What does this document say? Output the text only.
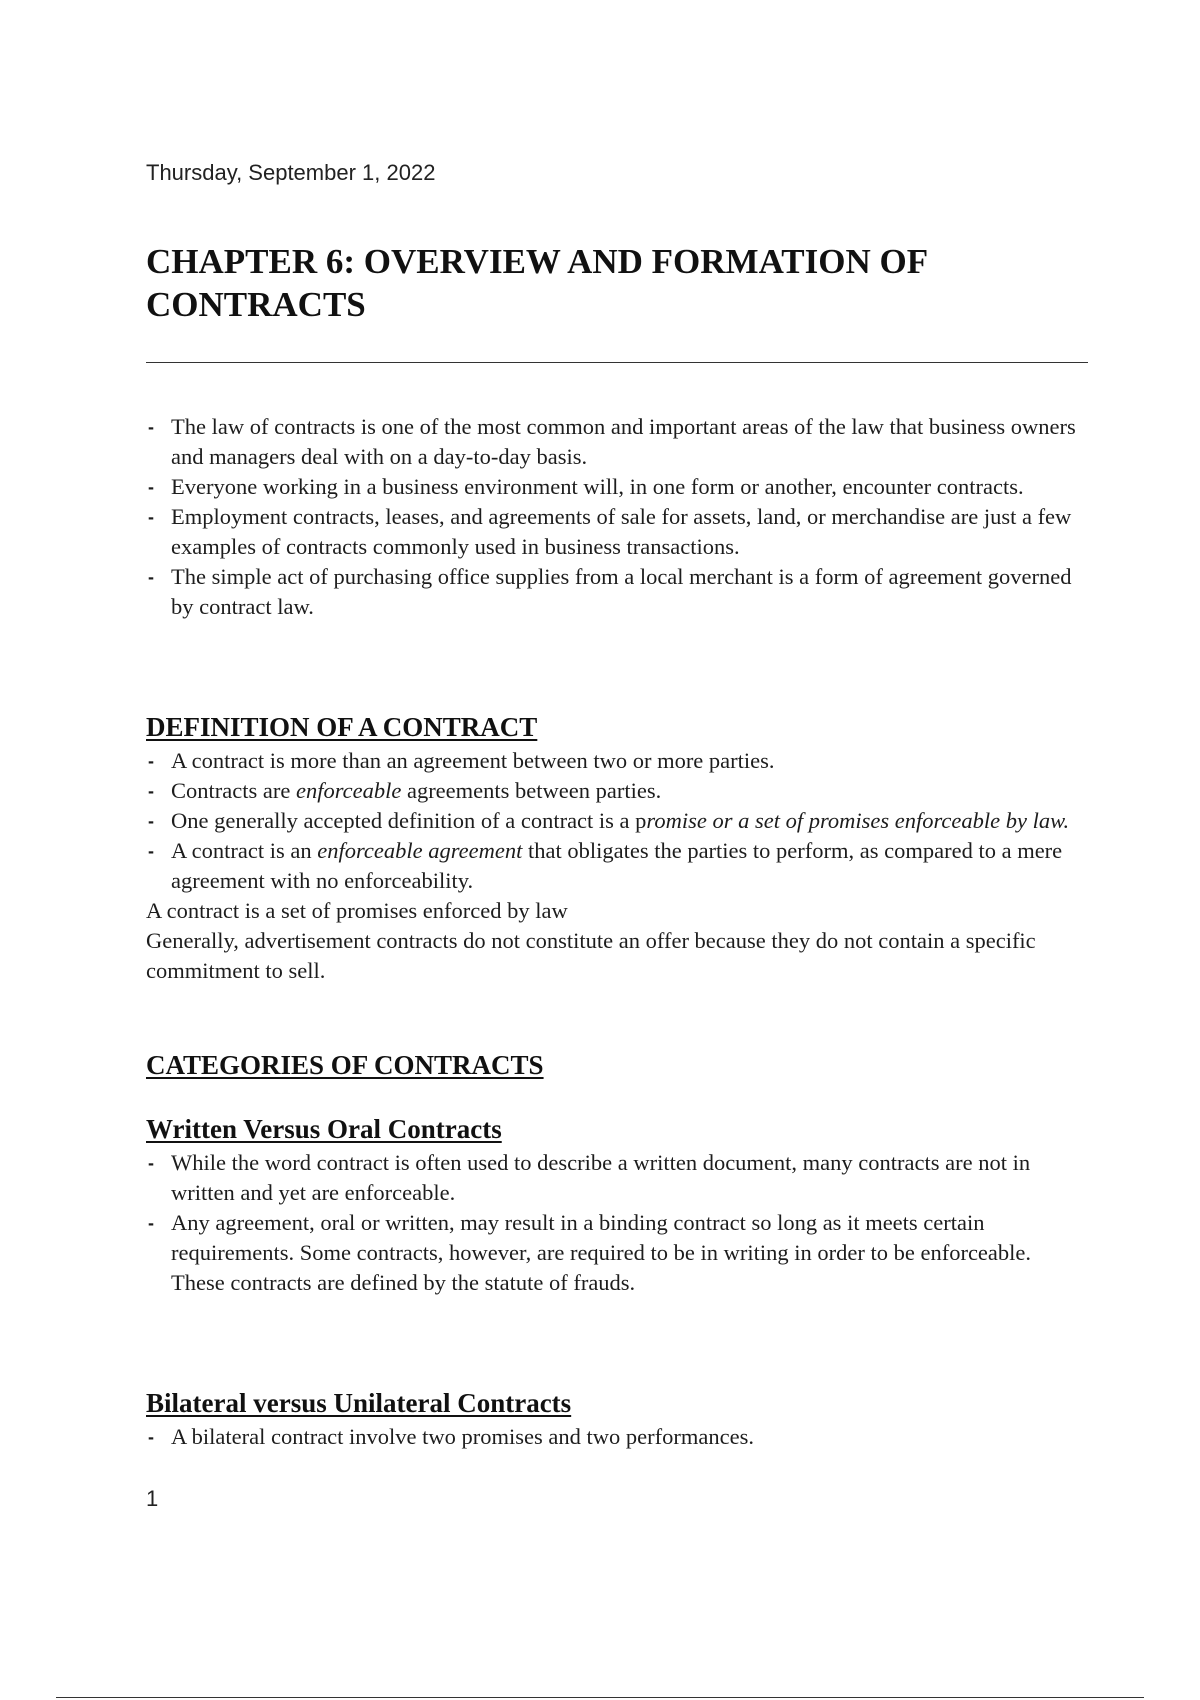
Thursday, September 1, 2022
CHAPTER 6: OVERVIEW AND FORMATION OF CONTRACTS
- The law of contracts is one of the most common and important areas of the law that business owners and managers deal with on a day-to-day basis.
- Everyone working in a business environment will, in one form or another, encounter contracts.
- Employment contracts, leases, and agreements of sale for assets, land, or merchandise are just a few examples of contracts commonly used in business transactions.
- The simple act of purchasing office supplies from a local merchant is a form of agreement governed by contract law.
DEFINITION OF A CONTRACT
- A contract is more than an agreement between two or more parties.
- Contracts are enforceable agreements between parties.
- One generally accepted definition of a contract is a promise or a set of promises enforceable by law.
- A contract is an enforceable agreement that obligates the parties to perform, as compared to a mere agreement with no enforceability.

A contract is a set of promises enforced by law

Generally, advertisement contracts do not constitute an offer because they do not contain a specific commitment to sell.

CATEGORIES OF CONTRACTS
Written Versus Oral Contracts
- While the word contract is often used to describe a written document, many contracts are not in written and yet are enforceable.
- Any agreement, oral or written, may result in a binding contract so long as it meets certain requirements. Some contracts, however, are required to be in writing in order to be enforceable. These contracts are defined by the statute of frauds.
Bilateral versus Unilateral Contracts
- A bilateral contract involve two promises and two performances.
1
